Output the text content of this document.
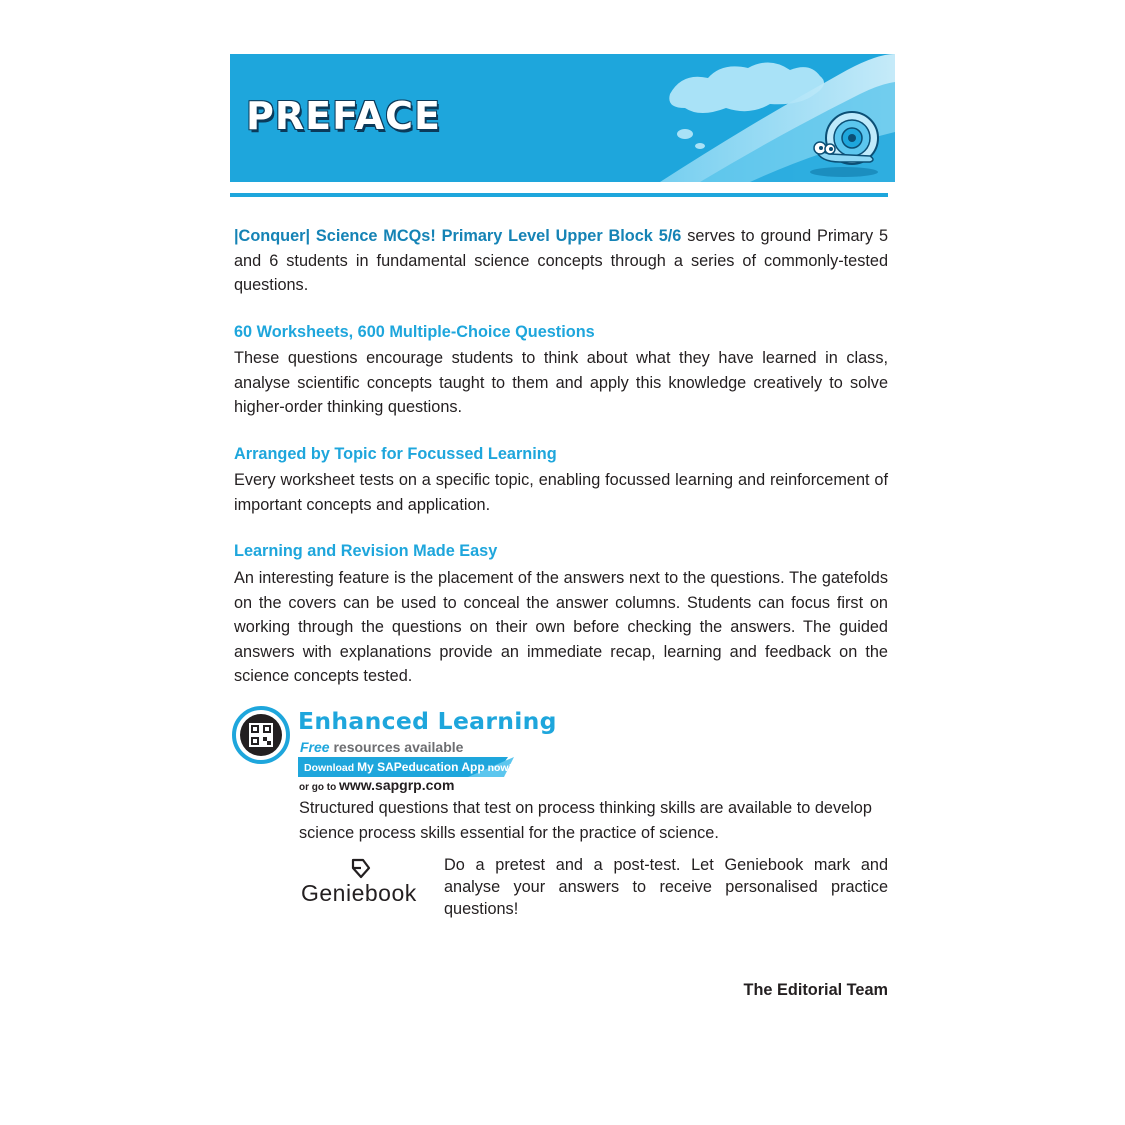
PREFACE
|Conquer| Science MCQs! Primary Level Upper Block 5/6 serves to ground Primary 5 and 6 students in fundamental science concepts through a series of commonly-tested questions.
60 Worksheets, 600 Multiple-Choice Questions
These questions encourage students to think about what they have learned in class, analyse scientific concepts taught to them and apply this knowledge creatively to solve higher-order thinking questions.
Arranged by Topic for Focussed Learning
Every worksheet tests on a specific topic, enabling focussed learning and reinforcement of important concepts and application.
Learning and Revision Made Easy
An interesting feature is the placement of the answers next to the questions. The gatefolds on the covers can be used to conceal the answer columns. Students can focus first on working through the questions on their own before checking the answers. The guided answers with explanations provide an immediate recap, learning and feedback on the science concepts tested.
Enhanced Learning
Free resources available
Download My SAPeducation App now!
or go to www.sapgrp.com
Structured questions that test on process thinking skills are available to develop science process skills essential for the practice of science.
Geniebook
Do a pretest and a post-test. Let Geniebook mark and analyse your answers to receive personalised practice questions!
The Editorial Team
